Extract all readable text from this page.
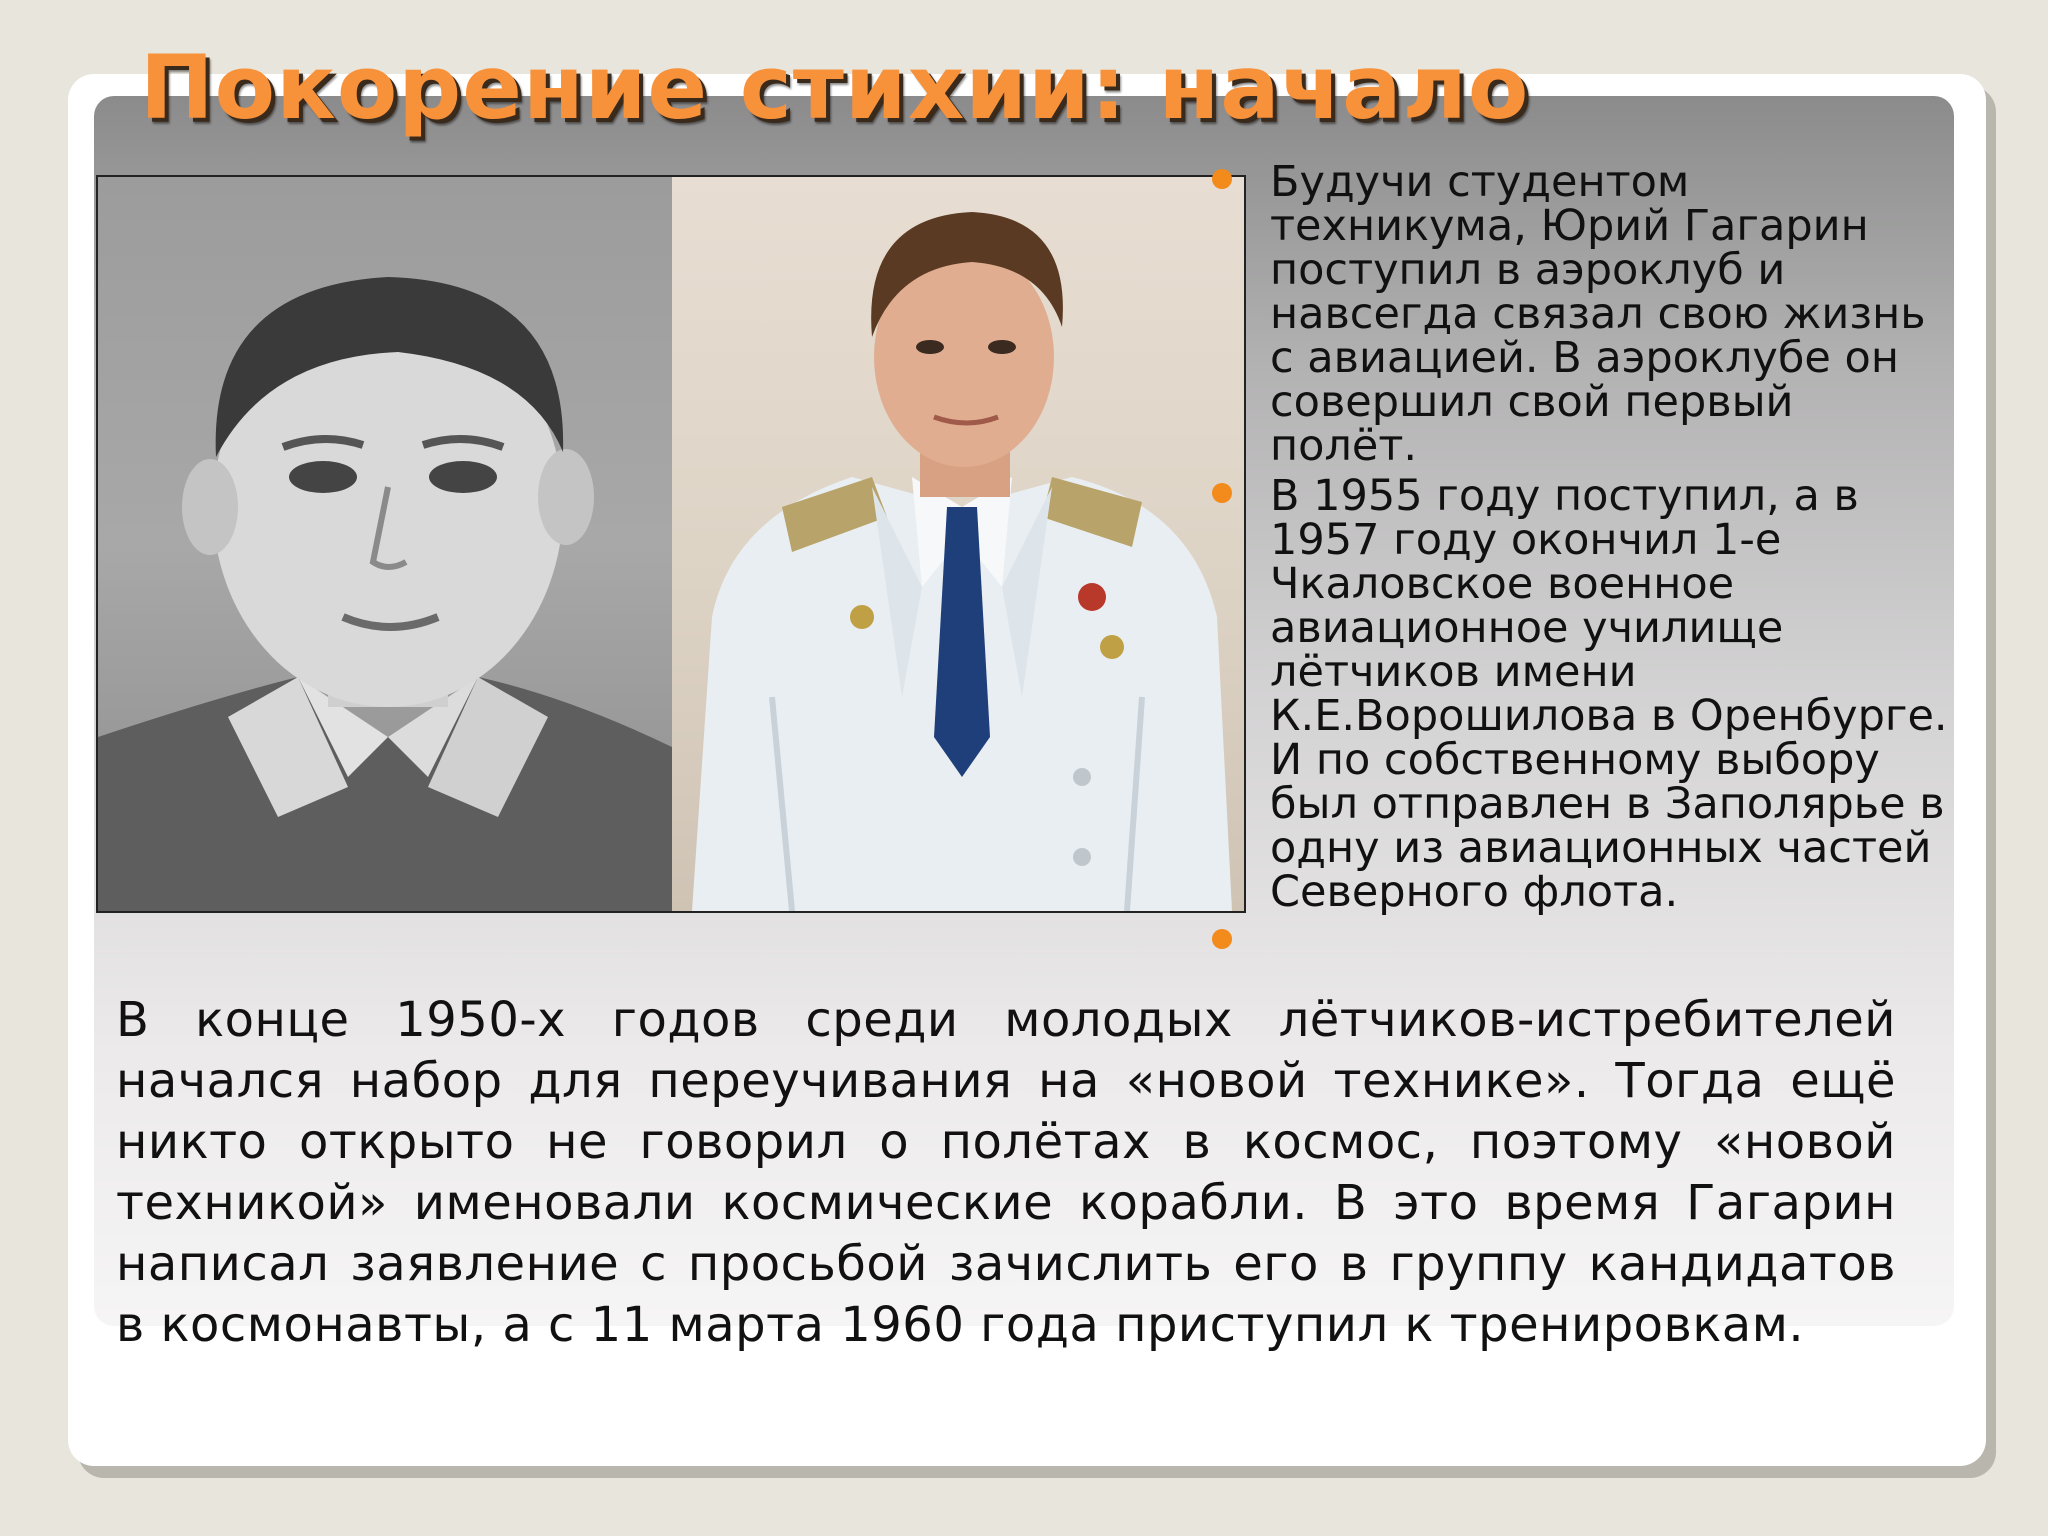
Покорение стихии: начало
Будучи студентом техникума, Юрий Гагарин поступил в аэроклуб и навсегда связал свою жизнь с авиацией. В аэроклубе он совершил свой первый полёт.
В 1955 году поступил, а в 1957 году окончил 1-е Чкаловское военное авиационное училище лётчиков имени К.Е.Ворошилова в Оренбурге. И по собственному выбору был отправлен в Заполярье в одну из авиационных частей Северного флота.

В конце 1950-х годов среди молодых лётчиков-истребителей начался набор для переучивания на «новой технике». Тогда ещё никто открыто не говорил о полётах в космос, поэтому «новой техникой» именовали космические корабли. В это время Гагарин написал заявление с просьбой зачислить его в группу кандидатов в космонавты, а с 11 марта 1960 года приступил к тренировкам.
